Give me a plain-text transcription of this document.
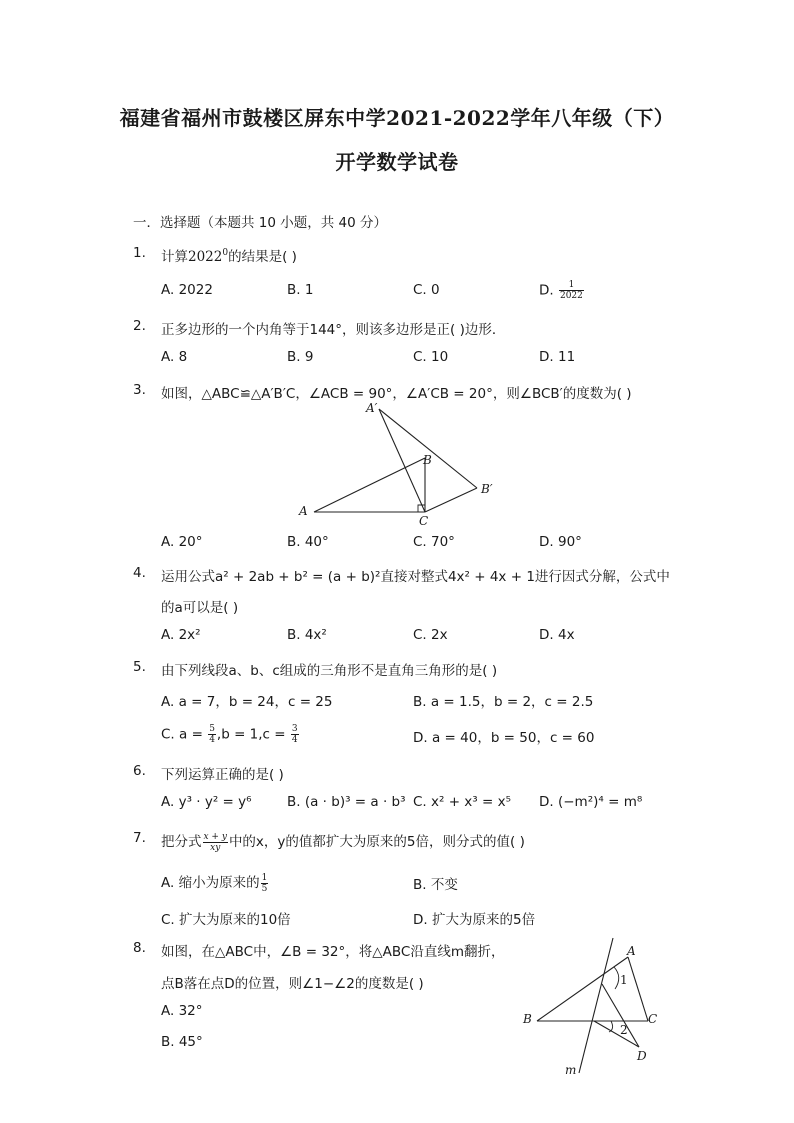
福建省福州市鼓楼区屏东中学2021-2022学年八年级（下）
开学数学试卷
一．选择题（本题共 10 小题，共 40 分）
1.	计算2022$^0$的结果是( )
A. 2022	B. 1	C. 0	D. $\frac{1}{2022}$
2.	正多边形的一个内角等于144°，则该多边形是正( )边形．
A. 8	B. 9	C. 10	D. 11
3.	如图，△ABC≌△A′B′C，∠ACB = 90°，∠A′CB = 20°，则∠BCB′的度数为( )
A′
B
B′
A
C
A. 20°	B. 40°	C. 70°	D. 90°
4.	运用公式a² + 2ab + b² = (a + b)²直接对整式4x² + 4x + 1进行因式分解，公式中
的a可以是( )
A. 2x²	B. 4x²	C. 2x	D. 4x
5.	由下列线段a、b、c组成的三角形不是直角三角形的是( )
A. a = 7，b = 24，c = 25	B. a = 1.5，b = 2，c = 2.5
C. $a = \frac{5}{4} ,b = 1,c = \frac{3}{4}$	D. a = 40，b = 50，c = 60
6.	下列运算正确的是( )
A. y³ · y² = y⁶	B. (a · b)³ = a · b³ C. x² + x³ = x⁵ D. (−m²)⁴ = m⁸
7.	把分式 $\frac{x + y}{xy}$ 中的x，y的值都扩大为原来的5倍，则分式的值( )
A. 缩小为原来的 $\frac{1}{5}$	B. 不变
C. 扩大为原来的10倍	D. 扩大为原来的5倍
8.	如图，在△ABC中，∠B = 32°，将△ABC沿直线m翻折，
点B落在点D的位置，则∠1−∠2的度数是( )
A. 32°
B. 45°
A
1
B	C
2
D
m
